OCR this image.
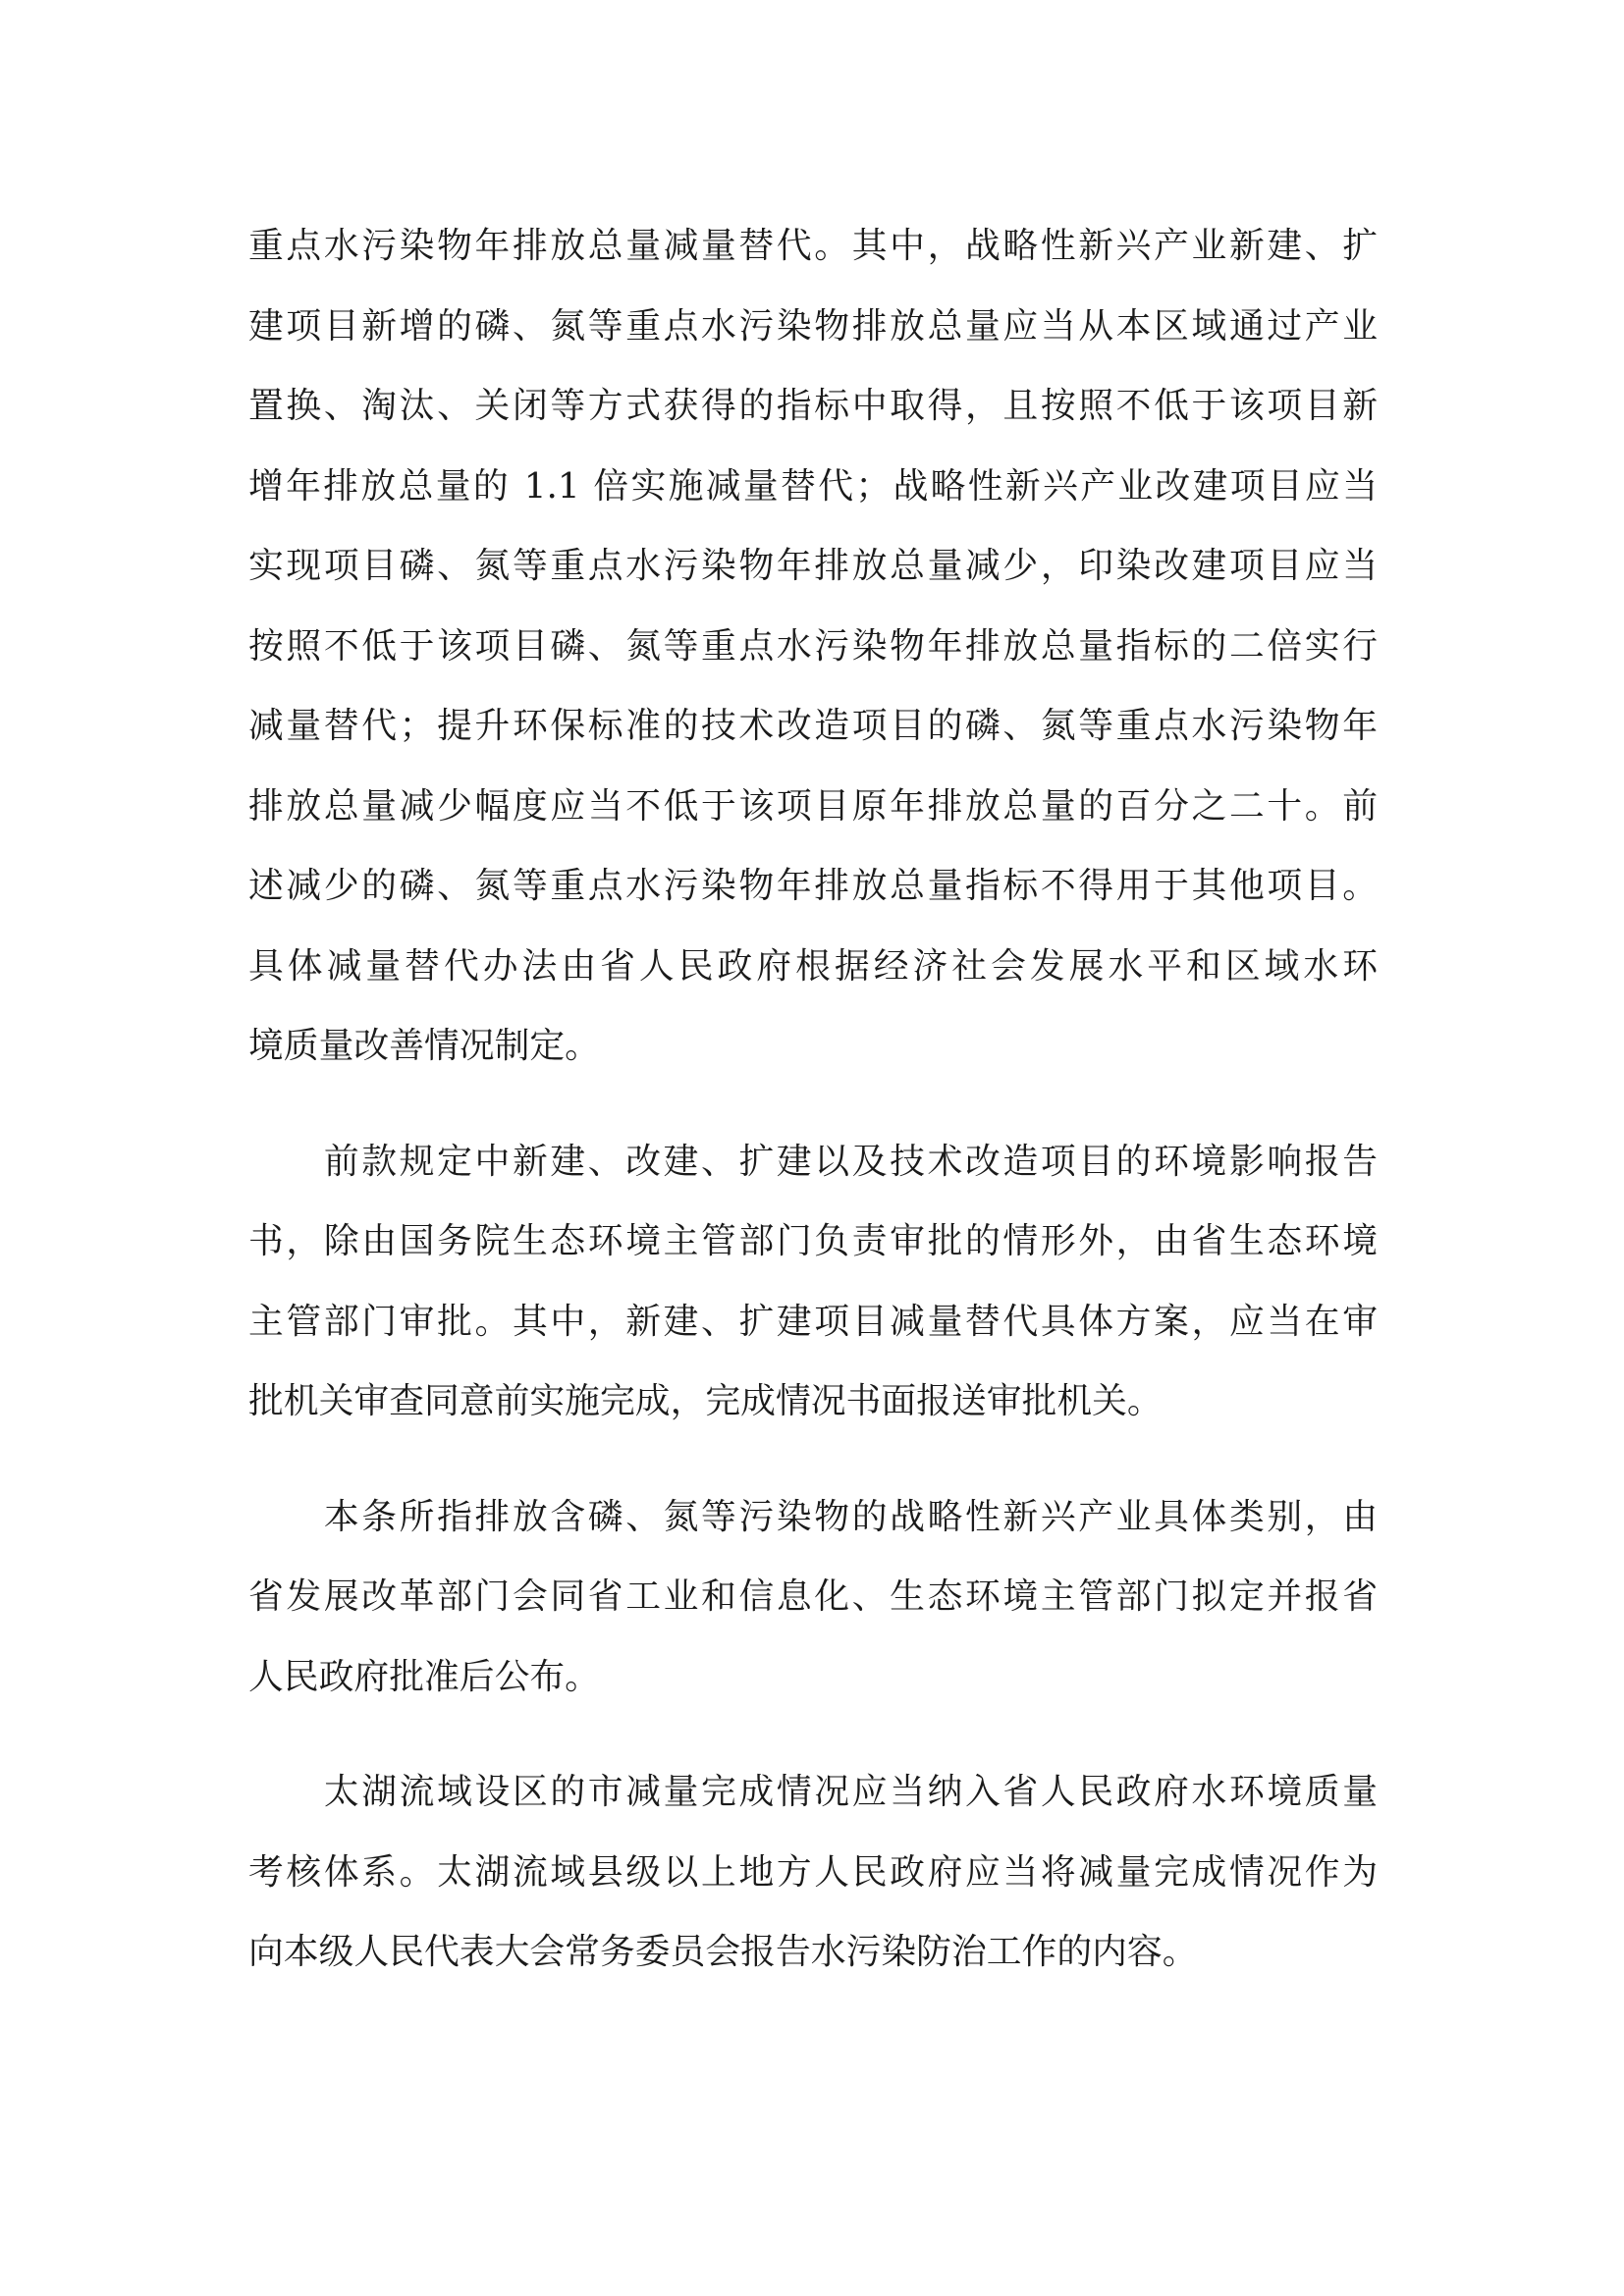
重点水污染物年排放总量减量替代。其中，战略性新兴产业新建、扩
建项目新增的磷、氮等重点水污染物排放总量应当从本区域通过产业
置换、淘汰、关闭等方式获得的指标中取得，且按照不低于该项目新
增年排放总量的 1.1 倍实施减量替代；战略性新兴产业改建项目应当
实现项目磷、氮等重点水污染物年排放总量减少，印染改建项目应当
按照不低于该项目磷、氮等重点水污染物年排放总量指标的二倍实行
减量替代；提升环保标准的技术改造项目的磷、氮等重点水污染物年
排放总量减少幅度应当不低于该项目原年排放总量的百分之二十。前
述减少的磷、氮等重点水污染物年排放总量指标不得用于其他项目。
具体减量替代办法由省人民政府根据经济社会发展水平和区域水环
境质量改善情况制定。
　　前款规定中新建、改建、扩建以及技术改造项目的环境影响报告
书，除由国务院生态环境主管部门负责审批的情形外，由省生态环境
主管部门审批。其中，新建、扩建项目减量替代具体方案，应当在审
批机关审查同意前实施完成，完成情况书面报送审批机关。
　　本条所指排放含磷、氮等污染物的战略性新兴产业具体类别，由
省发展改革部门会同省工业和信息化、生态环境主管部门拟定并报省
人民政府批准后公布。
　　太湖流域设区的市减量完成情况应当纳入省人民政府水环境质量
考核体系。太湖流域县级以上地方人民政府应当将减量完成情况作为
向本级人民代表大会常务委员会报告水污染防治工作的内容。
